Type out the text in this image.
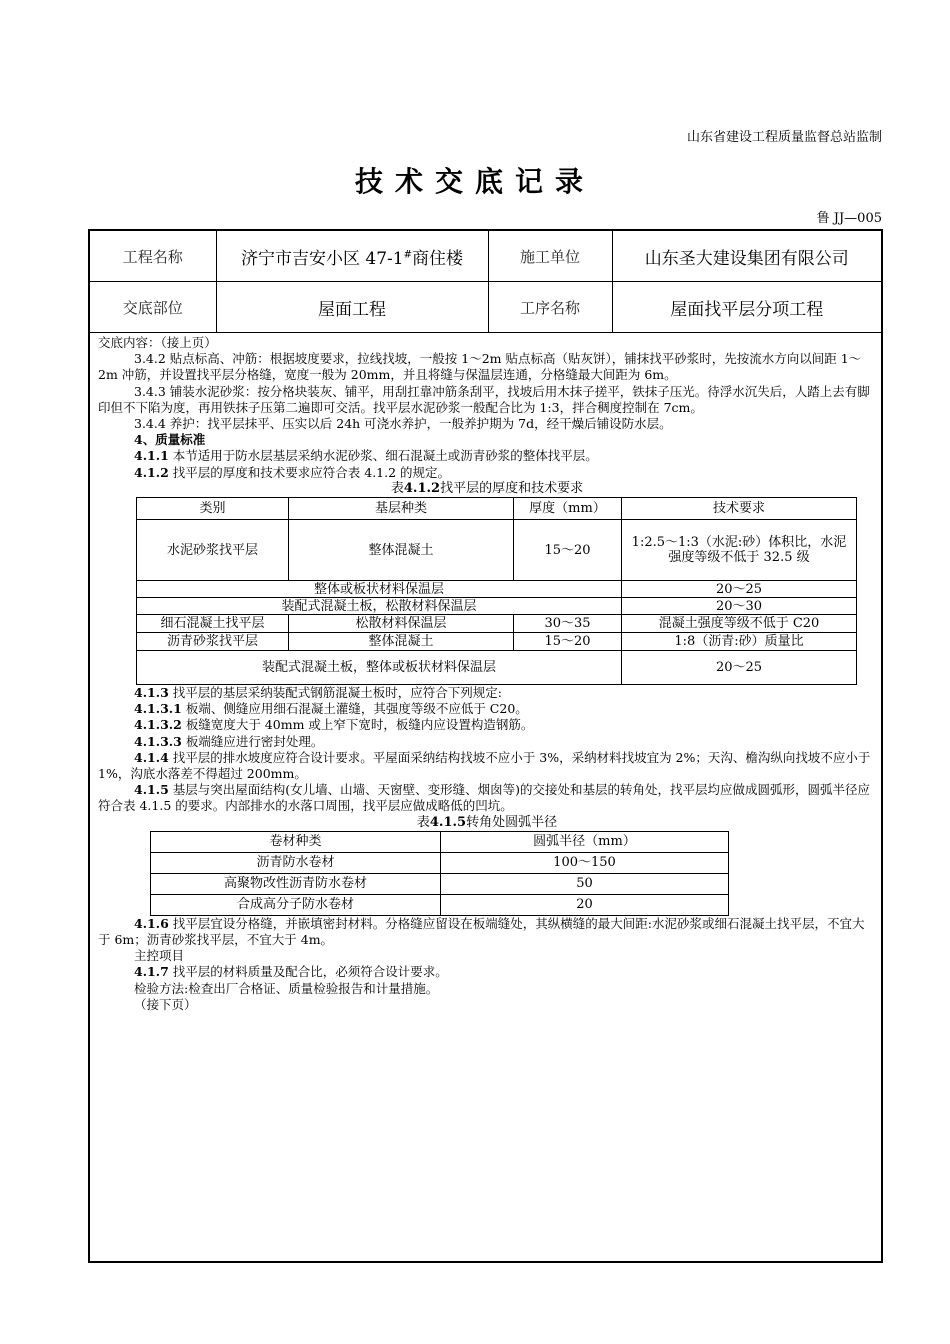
山东省建设工程质量监督总站监制
技术交底记录
鲁 JJ—005
工程名称	济宁市吉安小区 47-1#商住楼	施工单位	山东圣大建设集团有限公司
交底部位	屋面工程	工序名称	屋面找平层分项工程

交底内容：（接上页）

3.4.2 贴点标高、冲筋：根据坡度要求，拉线找坡，一般按 1～2m 贴点标高（贴灰饼），铺抹找平砂浆时，先按流水方向以间距 1～2m 冲筋，并设置找平层分格缝，宽度一般为 20mm，并且将缝与保温层连通，分格缝最大间距为 6m。

3.4.3 铺装水泥砂浆：按分格块装灰、铺平，用刮扛靠冲筋条刮平，找坡后用木抹子搓平，铁抹子压光。待浮水沉失后，人踏上去有脚印但不下陷为度，再用铁抹子压第二遍即可交活。找平层水泥砂浆一般配合比为 1:3，拌合稠度控制在 7cm。

3.4.4 养护：找平层抹平、压实以后 24h 可浇水养护，一般养护期为 7d，经干燥后铺设防水层。

4、质量标准

4.1.1 本节适用于防水层基层采纳水泥砂浆、细石混凝土或沥青砂浆的整体找平层。

4.1.2 找平层的厚度和技术要求应符合表 4.1.2 的规定。

表4.1.2找平层的厚度和技术要求

类别	基层种类	厚度（mm）	技术要求
水泥砂浆找平层	整体混凝土	15～20	1:2.5～1:3（水泥:砂）体积比，水泥强度等级不低于 32.5 级
整体或板状材料保温层			20～25
装配式混凝土板，松散材料保温层			20～30
细石混凝土找平层	松散材料保温层	30～35	混凝土强度等级不低于 C20
沥青砂浆找平层	整体混凝土	15～20	1:8（沥青:砂）质量比
装配式混凝土板，整体或板状材料保温层			20～25

4.1.3 找平层的基层采纳装配式钢筋混凝土板时，应符合下列规定:

4.1.3.1 板端、侧缝应用细石混凝土灌缝，其强度等级不应低于 C20。

4.1.3.2 板缝宽度大于 40mm 或上窄下宽时，板缝内应设置构造钢筋。

4.1.3.3 板端缝应进行密封处理。

4.1.4 找平层的排水坡度应符合设计要求。平屋面采纳结构找坡不应小于 3%，采纳材料找坡宜为 2%；天沟、檐沟纵向找坡不应小于 1%，沟底水落差不得超过 200mm。

4.1.5 基层与突出屋面结构(女儿墙、山墙、天窗壁、变形缝、烟囱等)的交接处和基层的转角处，找平层均应做成圆弧形，圆弧半径应符合表 4.1.5 的要求。内部排水的水落口周围，找平层应做成略低的凹坑。

表4.1.5转角处圆弧半径

卷材种类	圆弧半径（mm）
沥青防水卷材	100～150
高聚物改性沥青防水卷材	50
合成高分子防水卷材	20

4.1.6 找平层宜设分格缝，并嵌填密封材料。分格缝应留设在板端缝处，其纵横缝的最大间距:水泥砂浆或细石混凝土找平层，不宜大于 6m；沥青砂浆找平层，不宜大于 4m。

主控项目

4.1.7 找平层的材料质量及配合比，必须符合设计要求。

检验方法:检查出厂合格证、质量检验报告和计量措施。

（接下页）
